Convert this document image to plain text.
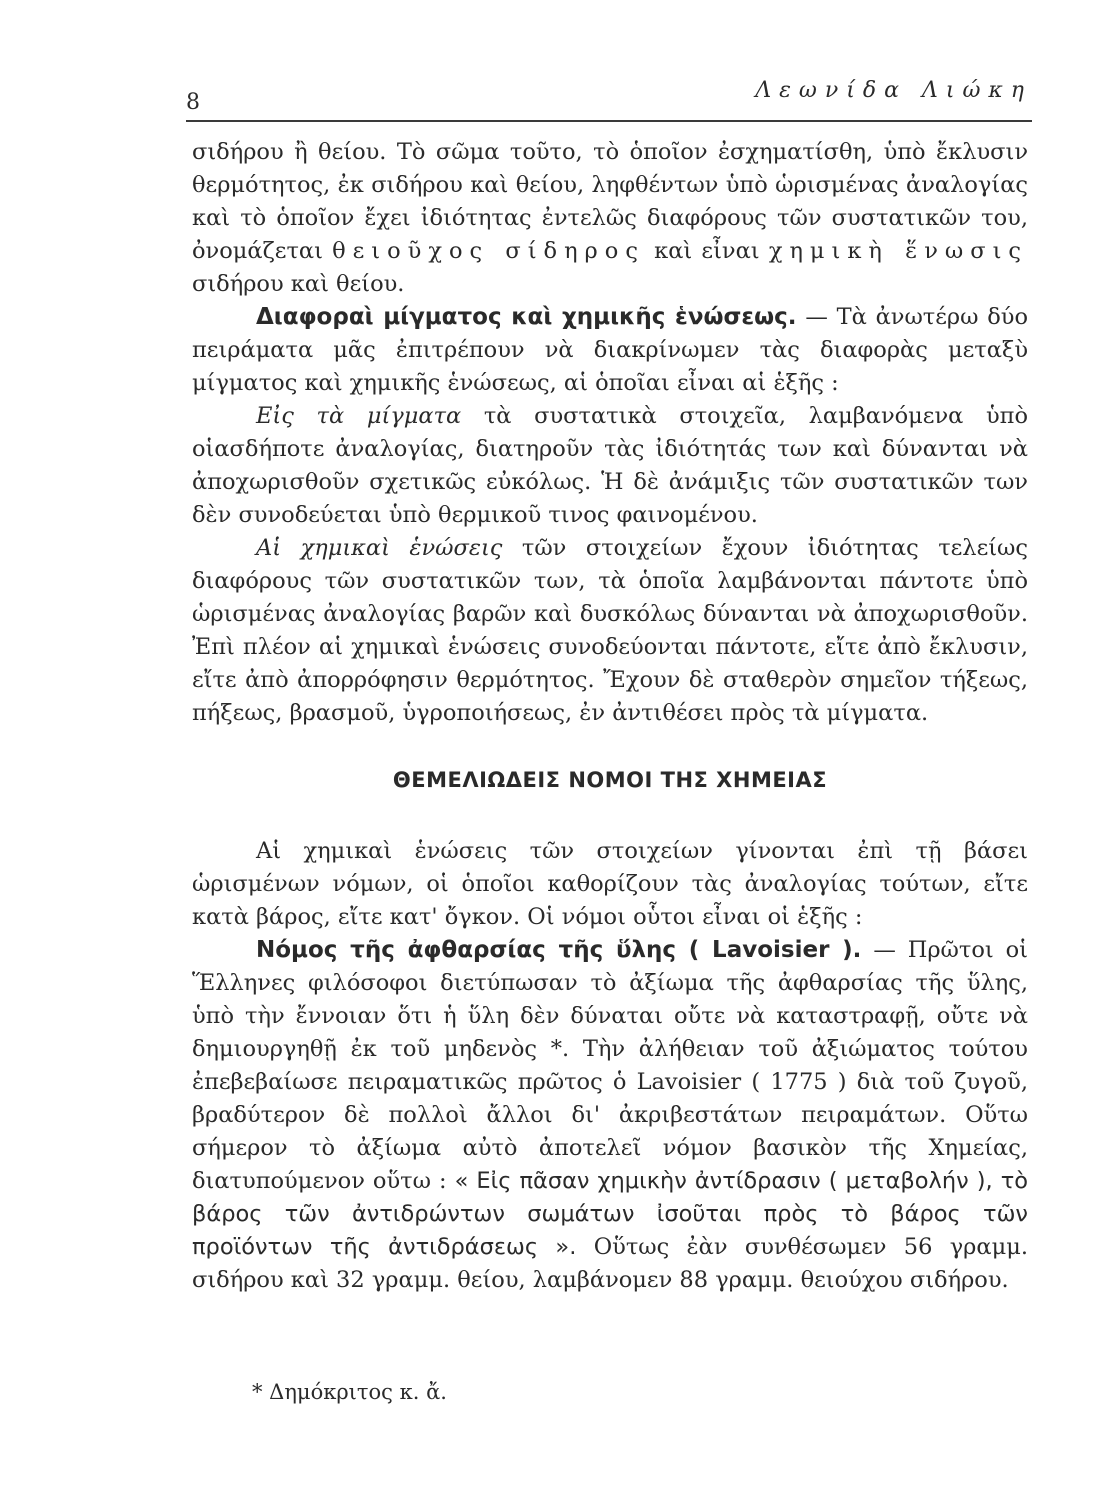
8	Λεωνίδα Λιώκη

σιδήρου ἢ θείου. Τὸ σῶμα τοῦτο, τὸ ὁποῖον ἐσχηματίσθη, ὑπὸ ἔκλυσιν θερμότητος, ἐκ σιδήρου καὶ θείου, ληφθέντων ὑπὸ ὡρισμένας ἀναλογίας καὶ τὸ ὁποῖον ἔχει ἰδιότητας ἐντελῶς διαφόρους τῶν συστατικῶν του, ὀνομάζεται θειοῦχος σίδηρος καὶ εἶναι χημικὴ ἕνωσις σιδήρου καὶ θείου.

Διαφοραὶ μίγματος καὶ χημικῆς ἑνώσεως. — Τὰ ἀνωτέρω δύο πειράματα μᾶς ἐπιτρέπουν νὰ διακρίνωμεν τὰς διαφορὰς μεταξὺ μίγματος καὶ χημικῆς ἑνώσεως, αἱ ὁποῖαι εἶναι αἱ ἑξῆς :

Εἰς τὰ μίγματα τὰ συστατικὰ στοιχεῖα, λαμβανόμενα ὑπὸ οἱασδήποτε ἀναλογίας, διατηροῦν τὰς ἰδιότητάς των καὶ δύνανται νὰ ἀποχωρισθοῦν σχετικῶς εὐκόλως. Ἡ δὲ ἀνάμιξις τῶν συστατικῶν των δὲν συνοδεύεται ὑπὸ θερμικοῦ τινος φαινομένου.

Αἱ χημικαὶ ἑνώσεις τῶν στοιχείων ἔχουν ἰδιότητας τελείως διαφόρους τῶν συστατικῶν των, τὰ ὁποῖα λαμβάνονται πάντοτε ὑπὸ ὡρισμένας ἀναλογίας βαρῶν καὶ δυσκόλως δύνανται νὰ ἀποχωρισθοῦν. Ἐπὶ πλέον αἱ χημικαὶ ἑνώσεις συνοδεύονται πάντοτε, εἴτε ἀπὸ ἔκλυσιν, εἴτε ἀπὸ ἀπορρόφησιν θερμότητος. Ἔχουν δὲ σταθερὸν σημεῖον τήξεως, πήξεως, βρασμοῦ, ὑγροποιήσεως, ἐν ἀντιθέσει πρὸς τὰ μίγματα.

ΘΕΜΕΛΙΩΔΕΙΣ ΝΟΜΟΙ ΤΗΣ ΧΗΜΕΙΑΣ

Αἱ χημικαὶ ἑνώσεις τῶν στοιχείων γίνονται ἐπὶ τῇ βάσει ὡρισμένων νόμων, οἱ ὁποῖοι καθορίζουν τὰς ἀναλογίας τούτων, εἴτε κατὰ βάρος, εἴτε κατ' ὄγκον. Οἱ νόμοι οὗτοι εἶναι οἱ ἑξῆς :

Νόμος τῆς ἀφθαρσίας τῆς ὕλης ( Lavoisier ). — Πρῶτοι οἱ Ἕλληνες φιλόσοφοι διετύπωσαν τὸ ἀξίωμα τῆς ἀφθαρσίας τῆς ὕλης, ὑπὸ τὴν ἔννοιαν ὅτι ἡ ὕλη δὲν δύναται οὔτε νὰ καταστραφῇ, οὔτε νὰ δημιουργηθῇ ἐκ τοῦ μηδενὸς *. Τὴν ἀλήθειαν τοῦ ἀξιώματος τούτου ἐπεβεβαίωσε πειραματικῶς πρῶτος ὁ Lavoisier ( 1775 ) διὰ τοῦ ζυγοῦ, βραδύτερον δὲ πολλοὶ ἄλλοι δι' ἀκριβεστάτων πειραμάτων. Οὕτω σήμερον τὸ ἀξίωμα αὐτὸ ἀποτελεῖ νόμον βασικὸν τῆς Χημείας, διατυπούμενον οὕτω : « Εἰς πᾶσαν χημικὴν ἀντίδρασιν ( μεταβολήν ), τὸ βάρος τῶν ἀντιδρώντων σωμάτων ἰσοῦται πρὸς τὸ βάρος τῶν προϊόντων τῆς ἀντιδράσεως ». Οὕτως ἐὰν συνθέσωμεν 56 γραμμ. σιδήρου καὶ 32 γραμμ. θείου, λαμβάνομεν 88 γραμμ. θειούχου σιδήρου.

* Δημόκριτος κ. ἄ.
